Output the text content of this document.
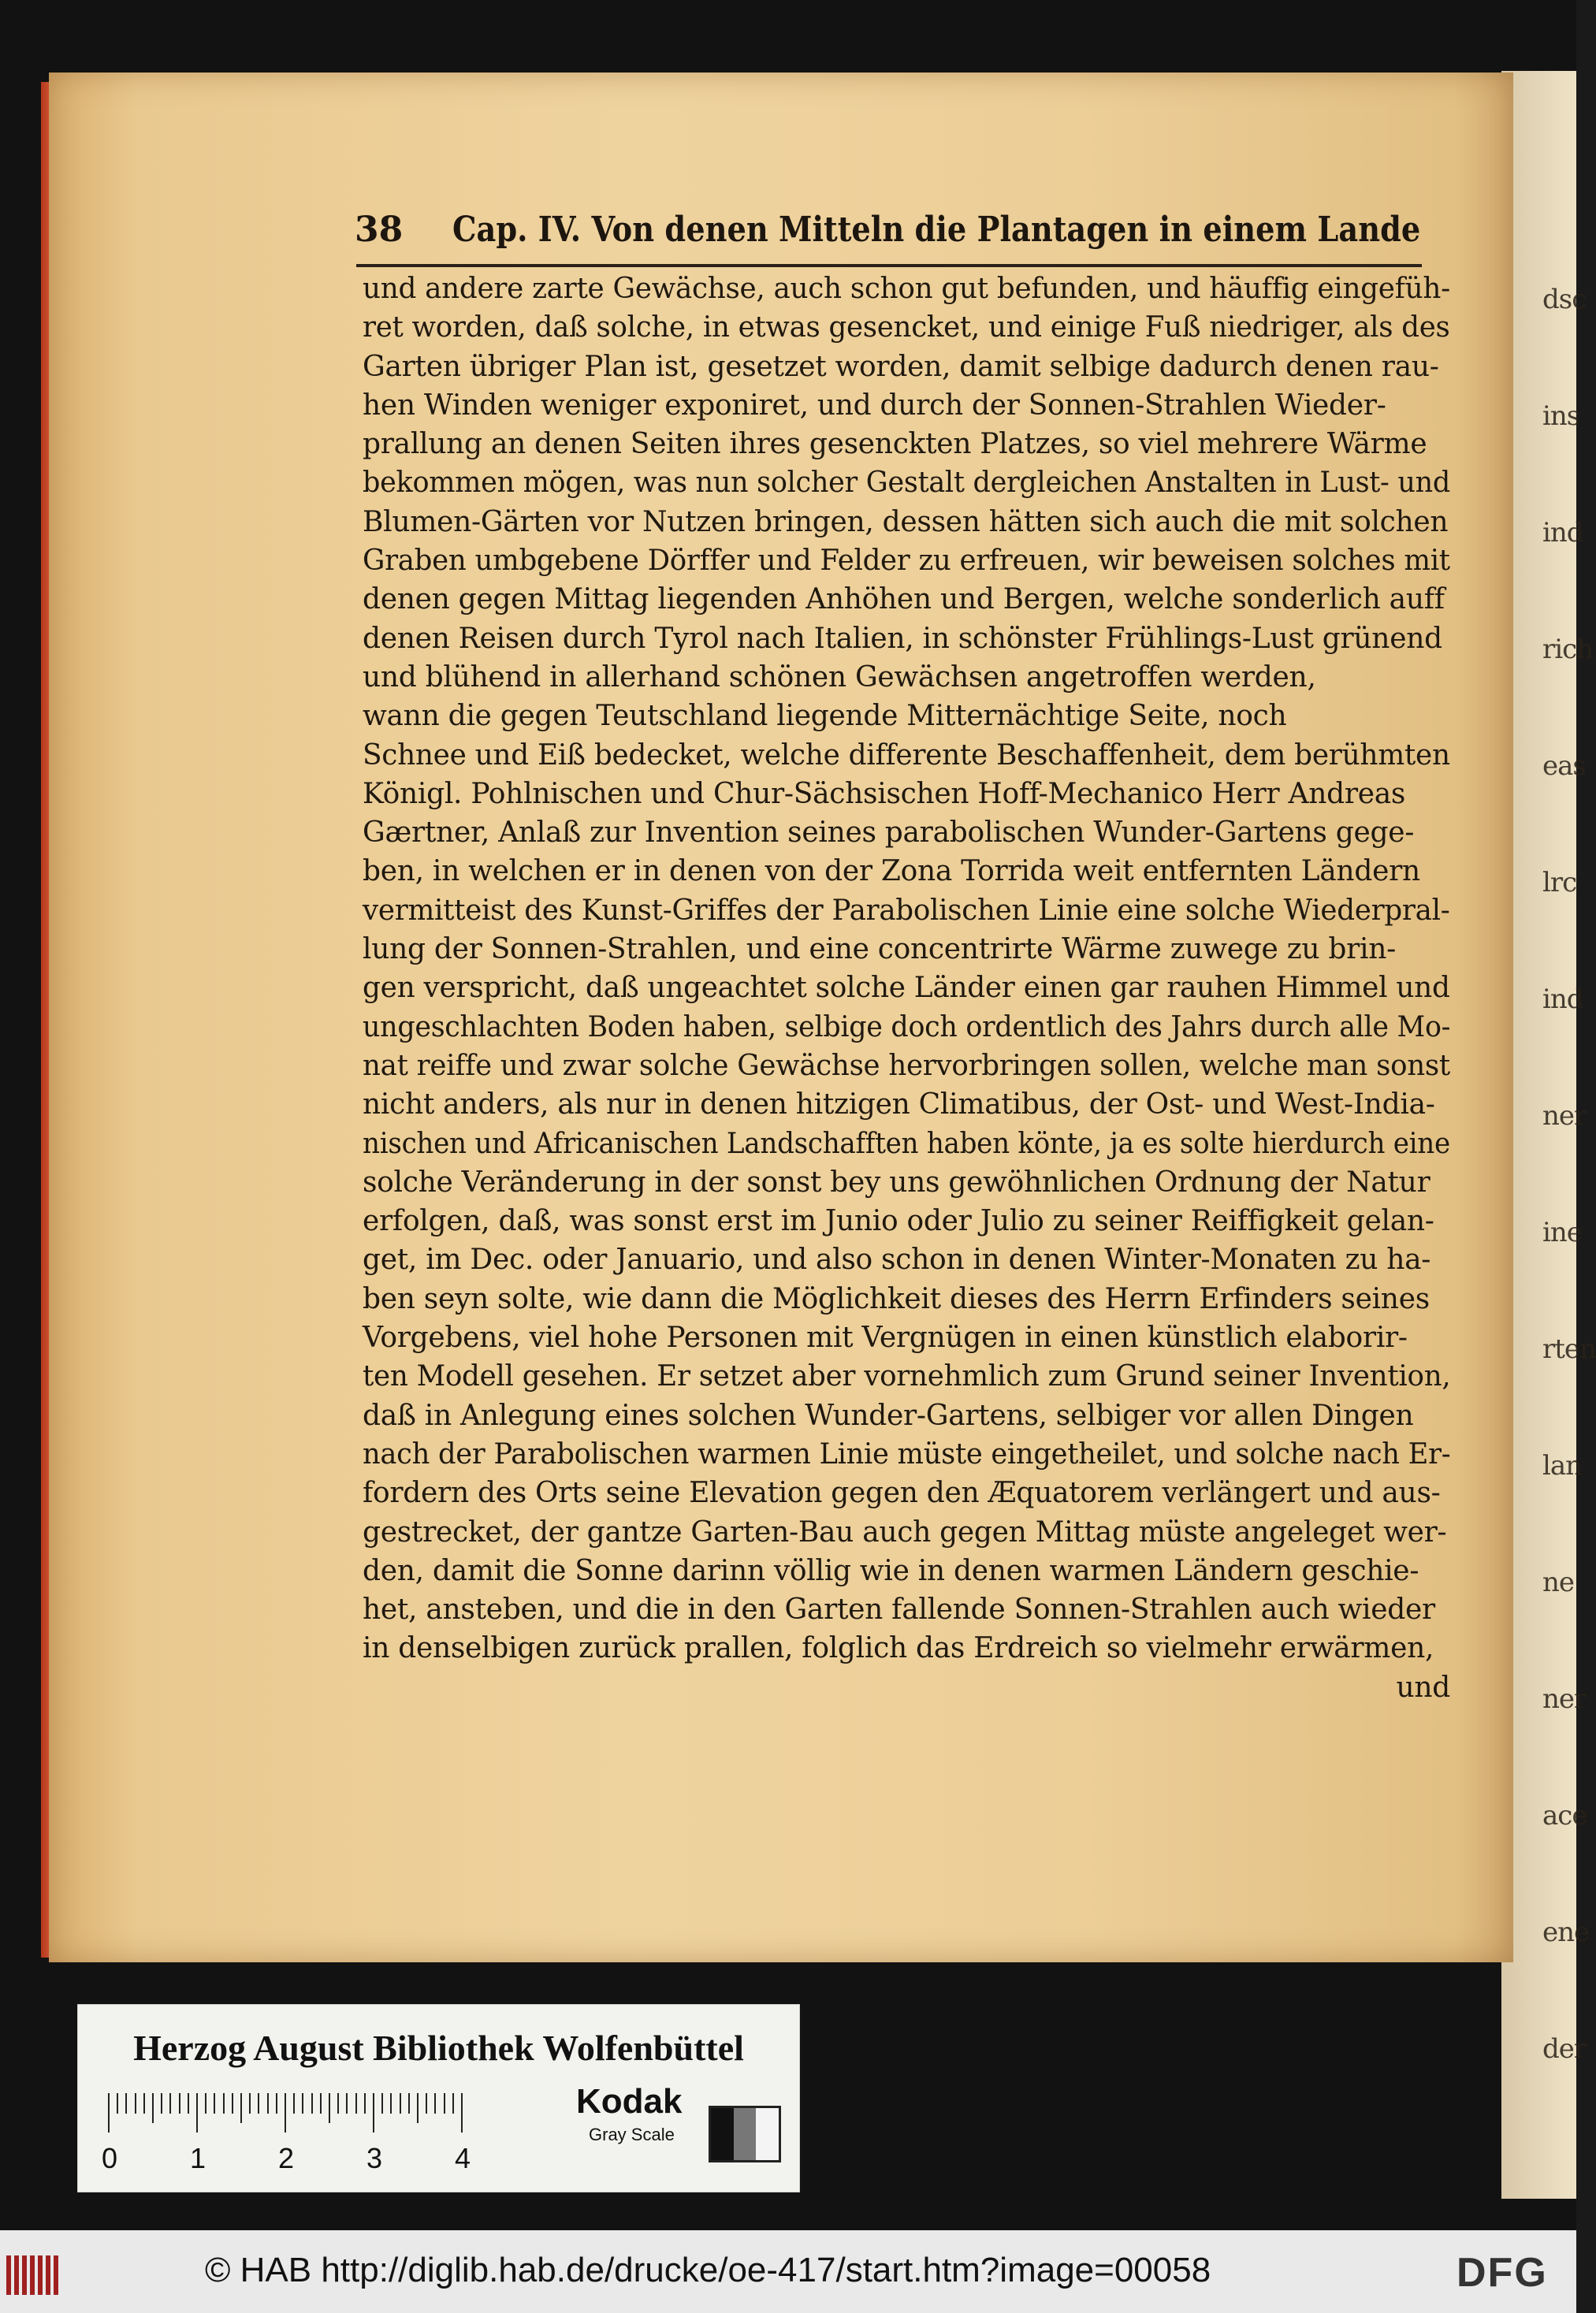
dsc
ins
ind
rich
eas
lrc
ind
ner
ine
rten
lan
ne
ner
ace
ene
der
38 Cap. IV. Von denen Mitteln die Plantagen in einem Lande
und andere zarte Gewächse, auch schon gut befunden, und häuffig eingefüh-
ret worden, daß solche, in etwas gesencket, und einige Fuß niedriger, als des
Garten übriger Plan ist, gesetzet worden, damit selbige dadurch denen rau-
hen Winden weniger exponiret, und durch der Sonnen-Strahlen Wieder-
prallung an denen Seiten ihres gesenckten Platzes, so viel mehrere Wärme
bekommen mögen, was nun solcher Gestalt dergleichen Anstalten in Lust- und
Blumen-Gärten vor Nutzen bringen, dessen hätten sich auch die mit solchen
Graben umbgebene Dörffer und Felder zu erfreuen, wir beweisen solches mit
denen gegen Mittag liegenden Anhöhen und Bergen, welche sonderlich auff
denen Reisen durch Tyrol nach Italien, in schönster Frühlings-Lust grünend
und blühend in allerhand schönen Gewächsen angetroffen werden,
wann die gegen Teutschland liegende Mitternächtige Seite, noch
Schnee und Eiß bedecket, welche differente Beschaffenheit, dem berühmten
Königl. Pohlnischen und Chur-Sächsischen Hoff-Mechanico Herr Andreas
Gærtner, Anlaß zur Invention seines parabolischen Wunder-Gartens gege-
ben, in welchen er in denen von der Zona Torrida weit entfernten Ländern
vermitteist des Kunst-Griffes der Parabolischen Linie eine solche Wiederpral-
lung der Sonnen-Strahlen, und eine concentrirte Wärme zuwege zu brin-
gen verspricht, daß ungeachtet solche Länder einen gar rauhen Himmel und
ungeschlachten Boden haben, selbige doch ordentlich des Jahrs durch alle Mo-
nat reiffe und zwar solche Gewächse hervorbringen sollen, welche man sonst
nicht anders, als nur in denen hitzigen Climatibus, der Ost- und West-India-
nischen und Africanischen Landschafften haben könte, ja es solte hierdurch eine
solche Veränderung in der sonst bey uns gewöhnlichen Ordnung der Natur
erfolgen, daß, was sonst erst im Junio oder Julio zu seiner Reiffigkeit gelan-
get, im Dec. oder Januario, und also schon in denen Winter-Monaten zu ha-
ben seyn solte, wie dann die Möglichkeit dieses des Herrn Erfinders seines
Vorgebens, viel hohe Personen mit Vergnügen in einen künstlich elaborir-
ten Modell gesehen. Er setzet aber vornehmlich zum Grund seiner Invention,
daß in Anlegung eines solchen Wunder-Gartens, selbiger vor allen Dingen
nach der Parabolischen warmen Linie müste eingetheilet, und solche nach Er-
fordern des Orts seine Elevation gegen den Æquatorem verlängert und aus-
gestrecket, der gantze Garten-Bau auch gegen Mittag müste angeleget wer-
den, damit die Sonne darinn völlig wie in denen warmen Ländern geschie-
het, ansteben, und die in den Garten fallende Sonnen-Strahlen auch wieder
in denselbigen zurück prallen, folglich das Erdreich so vielmehr erwärmen,
und
Herzog August Bibliothek Wolfenbüttel
0	1	2	3	4
Kodak
Gray Scale
© HAB http://diglib.hab.de/drucke/oe-417/start.htm?image=00058	DFG
